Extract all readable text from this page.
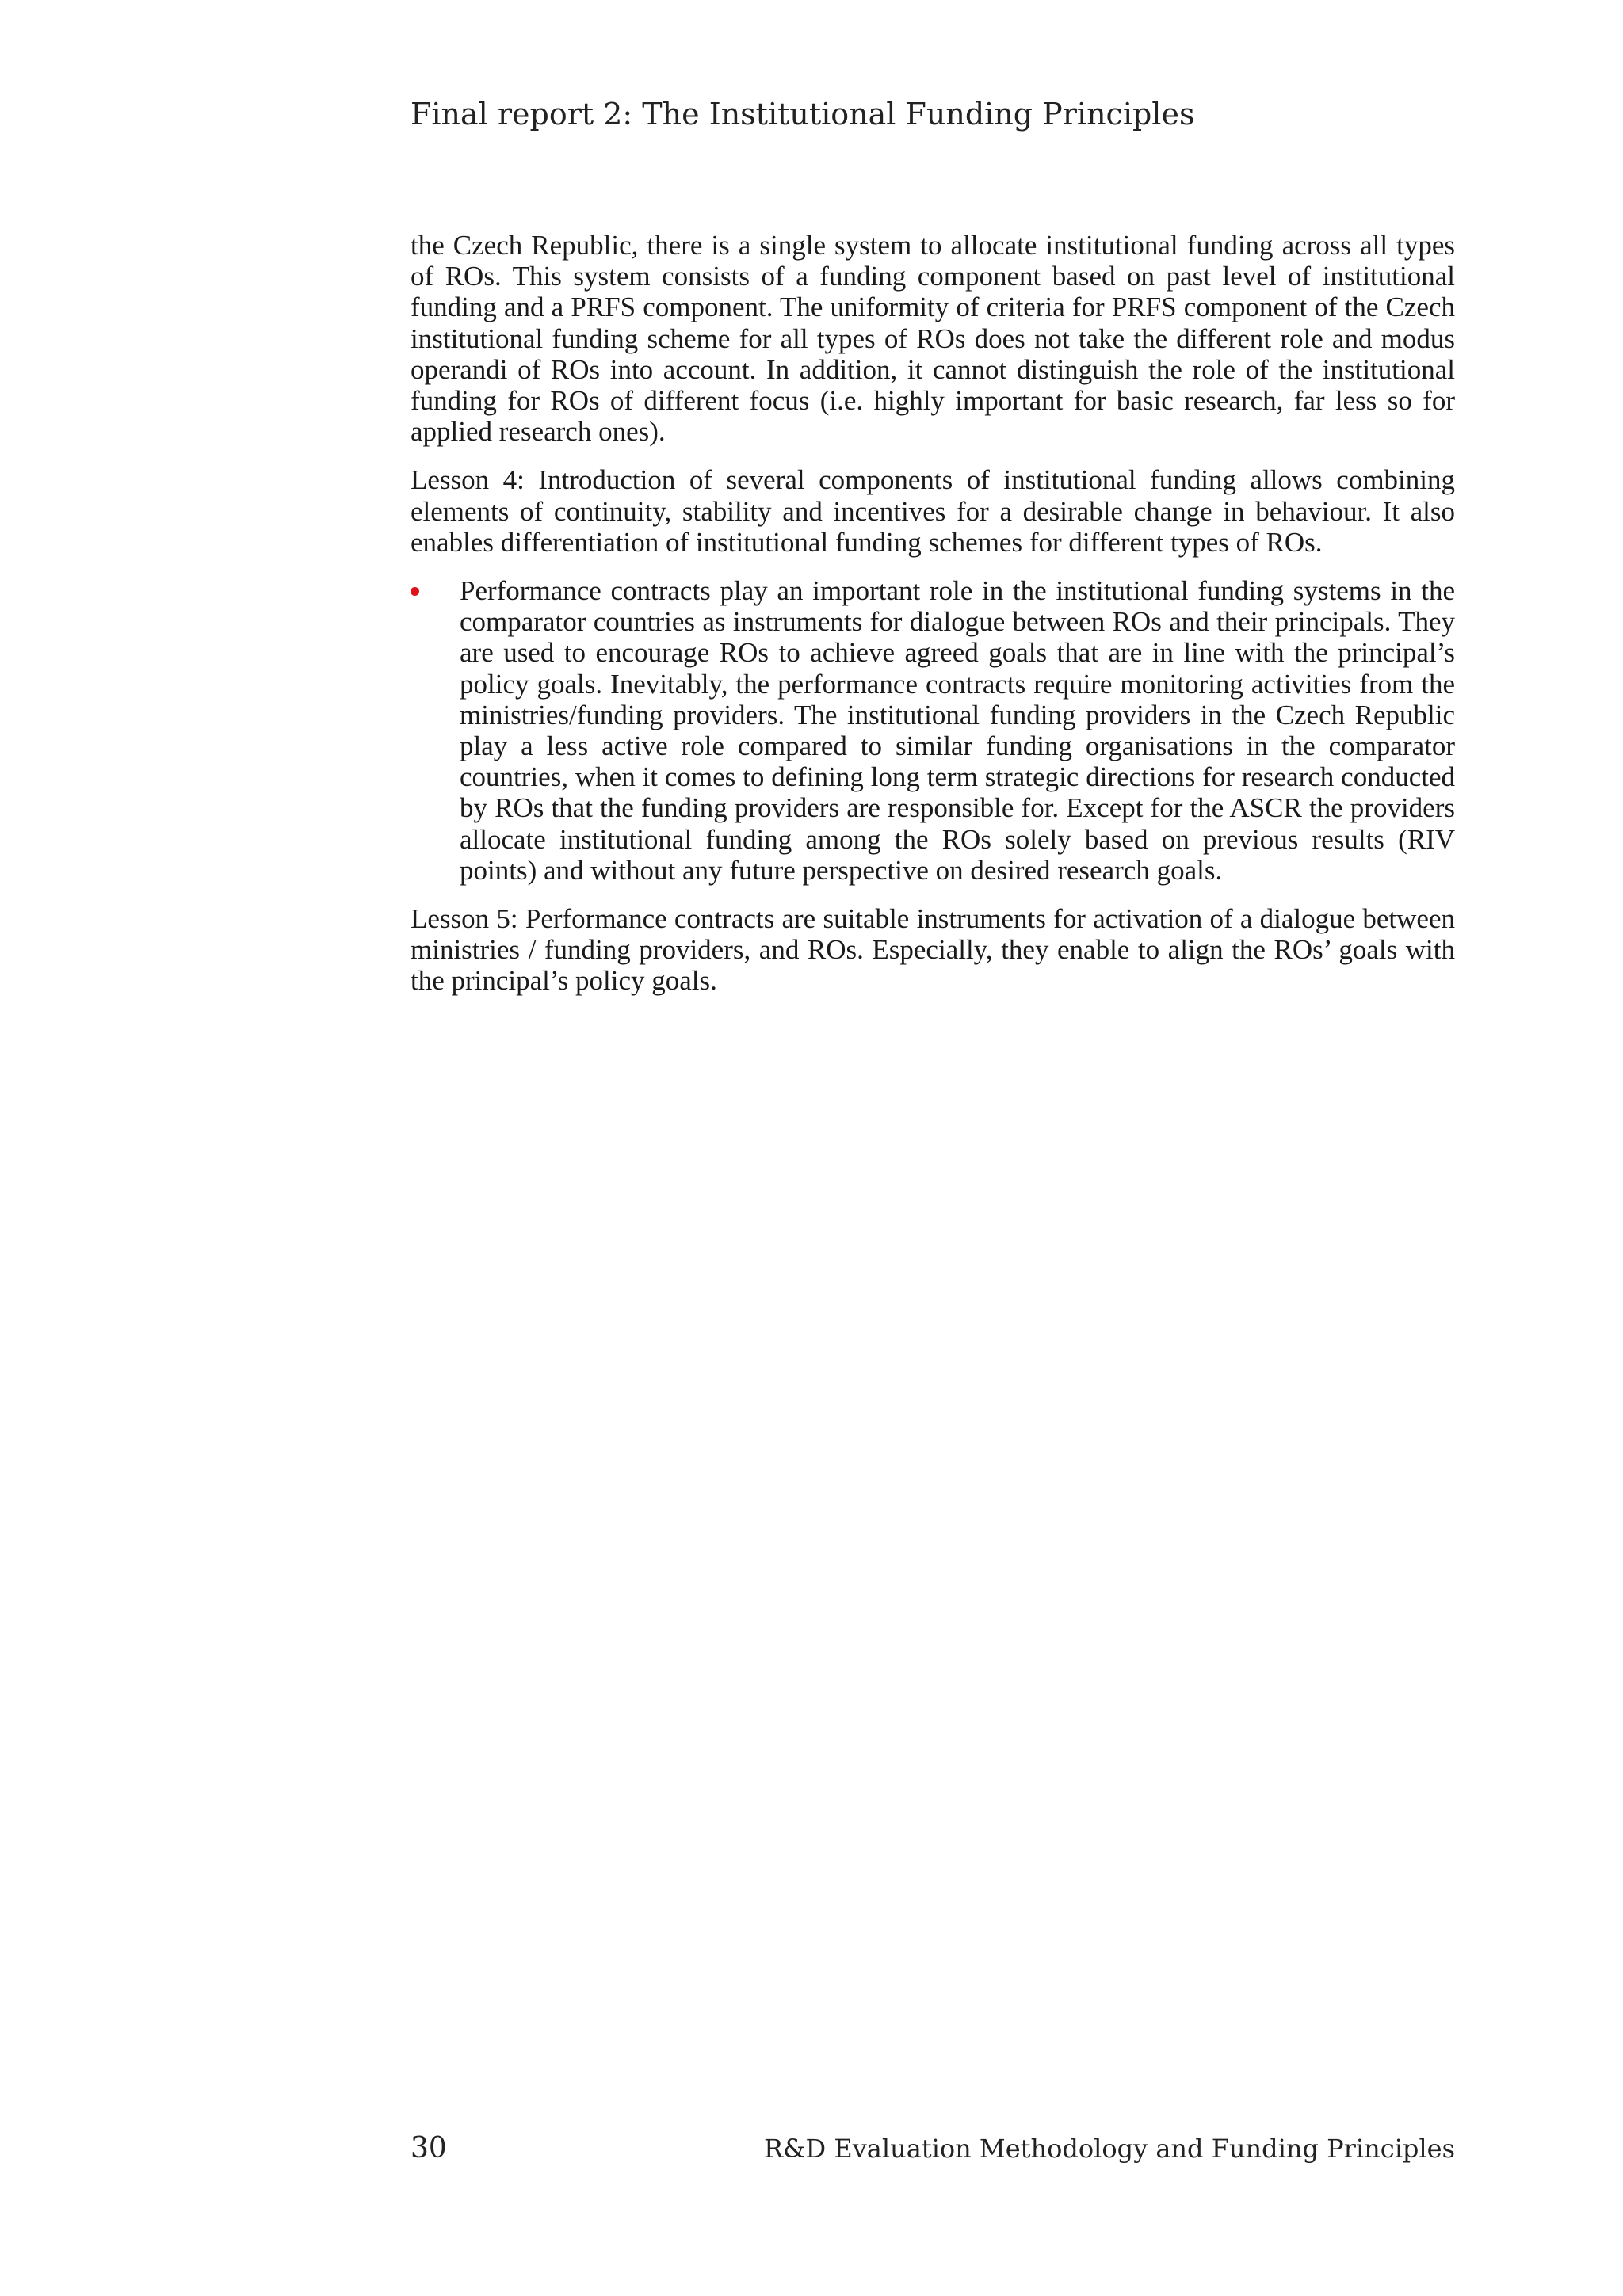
Final report 2: The Institutional Funding Principles

the Czech Republic, there is a single system to allocate institutional funding across all types of ROs. This system consists of a funding component based on past level of institutional funding and a PRFS component. The uniformity of criteria for PRFS component of the Czech institutional funding scheme for all types of ROs does not take the different role and modus operandi of ROs into account. In addition, it cannot distinguish the role of the institutional funding for ROs of different focus (i.e. highly important for basic research, far less so for applied research ones).

Lesson 4: Introduction of several components of institutional funding allows combining elements of continuity, stability and incentives for a desirable change in behaviour. It also enables differentiation of institutional funding schemes for different types of ROs.

Performance contracts play an important role in the institutional funding systems in the comparator countries as instruments for dialogue between ROs and their principals. They are used to encourage ROs to achieve agreed goals that are in line with the principal’s policy goals. Inevitably, the performance contracts require monitoring activities from the ministries/funding providers. The institutional funding providers in the Czech Republic play a less active role compared to similar funding organisations in the comparator countries, when it comes to defining long term strategic directions for research conducted by ROs that the funding providers are responsible for. Except for the ASCR the providers allocate institutional funding among the ROs solely based on previous results (RIV points) and without any future perspective on desired research goals.

Lesson 5: Performance contracts are suitable instruments for activation of a dialogue between ministries / funding providers, and ROs. Especially, they enable to align the ROs’ goals with the principal’s policy goals.

30	R&D Evaluation Methodology and Funding Principles
